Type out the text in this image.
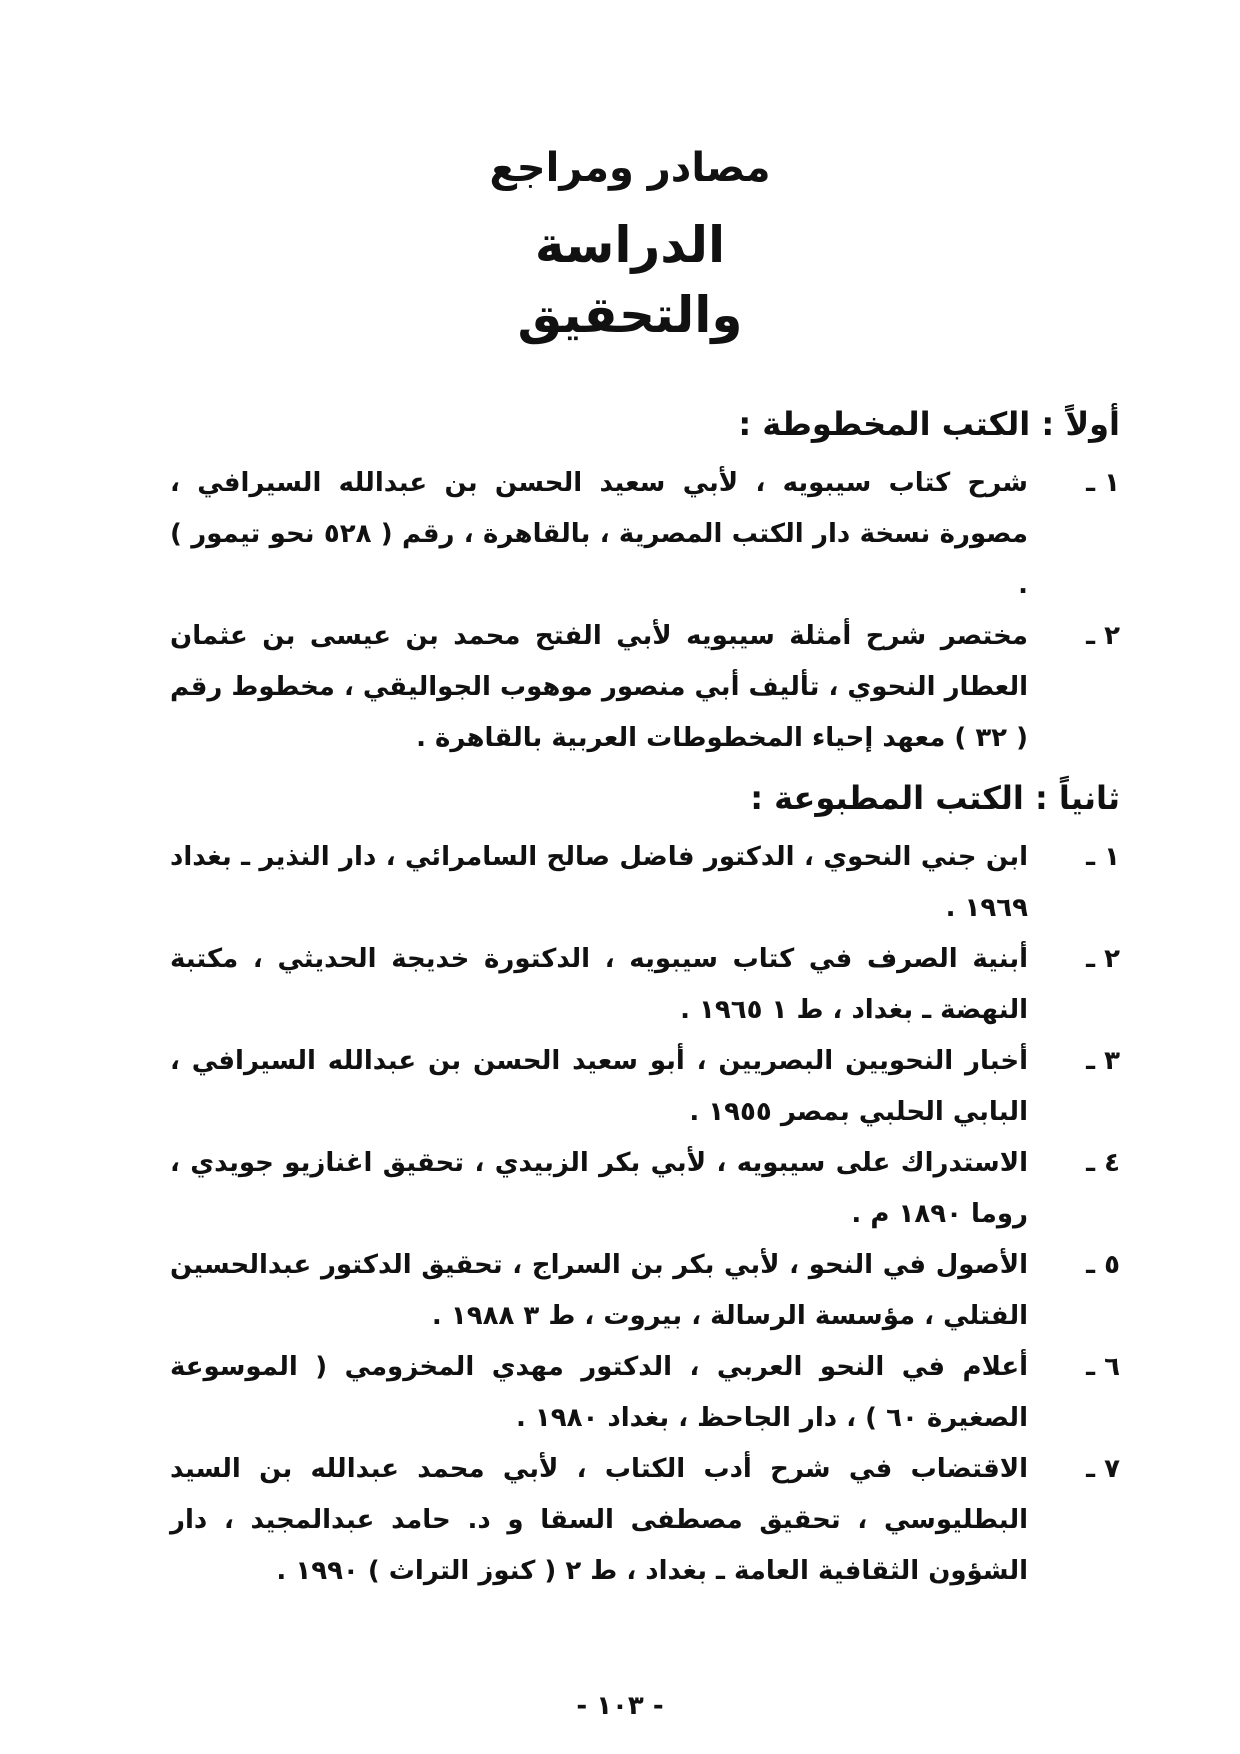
مصادر ومراجع
الدراسة والتحقيق
أولاً : الكتب المخطوطة :
١ ـ
شرح كتاب سيبويه ، لأبي سعيد الحسن بن عبدالله السيرافي ، مصورة نسخة دار الكتب المصرية ، بالقاهرة ، رقم ( ٥٢٨ نحو تيمور ) .
٢ ـ
مختصر شرح أمثلة سيبويه لأبي الفتح محمد بن عيسى بن عثمان العطار النحوي ، تأليف أبي منصور موهوب الجواليقي ، مخطوط رقم ( ٣٢ ) معهد إحياء المخطوطات العربية بالقاهرة .
ثانياً : الكتب المطبوعة :
١ ـ
ابن جني النحوي ، الدكتور فاضل صالح السامرائي ، دار النذير ـ بغداد ١٩٦٩ .
٢ ـ
أبنية الصرف في كتاب سيبويه ، الدكتورة خديجة الحديثي ، مكتبة النهضة ـ بغداد ، ط ١ ١٩٦٥ .
٣ ـ
أخبار النحويين البصريين ، أبو سعيد الحسن بن عبدالله السيرافي ، البابي الحلبي بمصر ١٩٥٥ .
٤ ـ
الاستدراك على سيبويه ، لأبي بكر الزبيدي ، تحقيق اغنازيو جويدي ، روما ١٨٩٠ م .
٥ ـ
الأصول في النحو ، لأبي بكر بن السراج ، تحقيق الدكتور عبدالحسين الفتلي ، مؤسسة الرسالة ، بيروت ، ط ٣ ١٩٨٨ .
٦ ـ
أعلام في النحو العربي ، الدكتور مهدي المخزومي ( الموسوعة الصغيرة ٦٠ ) ، دار الجاحظ ، بغداد ١٩٨٠ .
٧ ـ
الاقتضاب في شرح أدب الكتاب ، لأبي محمد عبدالله بن السيد البطليوسي ، تحقيق مصطفى السقا و د. حامد عبدالمجيد ، دار الشؤون الثقافية العامة ـ بغداد ، ط ٢ ( كنوز التراث ) ١٩٩٠ .
- ١٠٣ -
